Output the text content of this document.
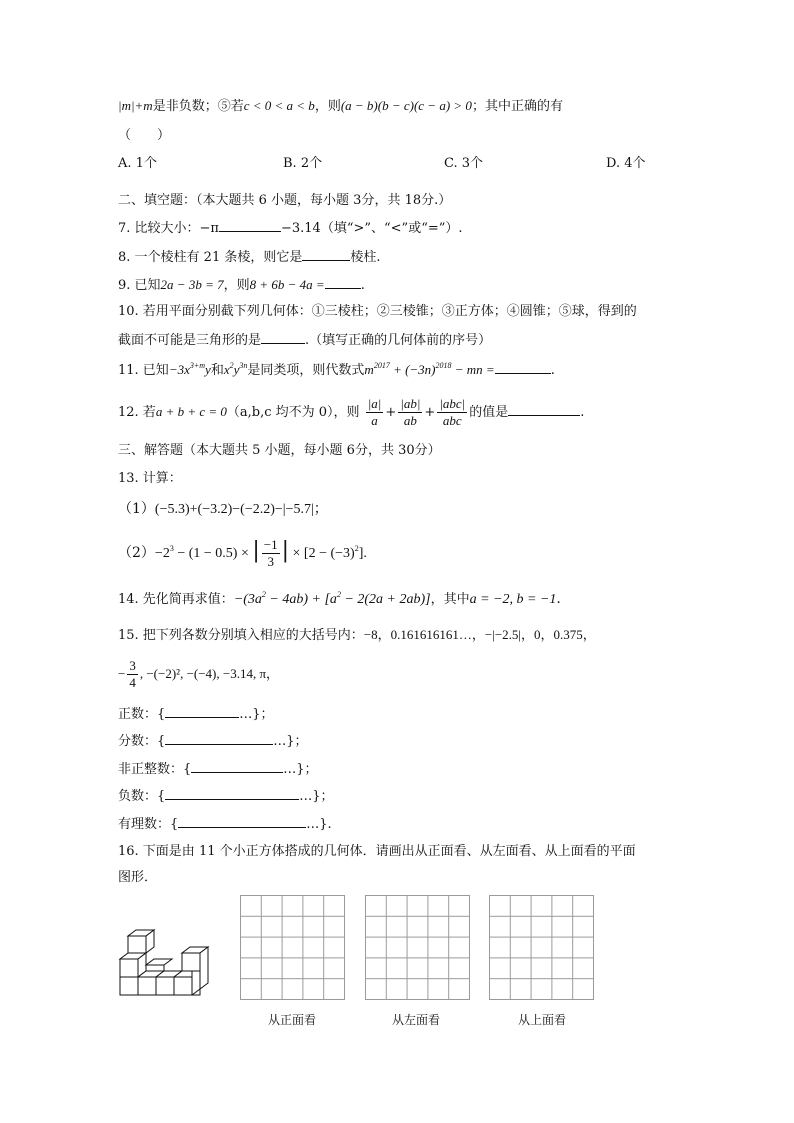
|m|+m是非负数；⑤若c < 0 < a < b，则(a − b)(b − c)(c − a) > 0；其中正确的有
（　　）
A. 1个	B. 2个	C. 3个	D. 4个
二、填空题：（本大题共 6 小题，每小题 3分，共 18分.）
7. 比较大小：−π	−3.14（填“>”、“<”或“=”）.
8. 一个棱柱有 21 条棱，则它是	棱柱.
9. 已知2a − 3b = 7，则8 + 6b − 4a =	.
10. 若用平面分别截下列几何体：①三棱柱；②三棱锥；③正方体；④圆锥；⑤球，得到的
截面不可能是三角形的是	.（填写正确的几何体前的序号）
11. 已知$-3x^{3+m}y$和$x^2y^{3n}$是同类项，则代数式$m^{2017} + (-3n)^{2018}$ − mn =	.
12. 若a + b + c = 0（a,b,c 均不为 0），则 $\frac{|a|}{a} + \frac{|ab|}{ab} + \frac{\text{|abc|}}{\text{abc}}$ 的值是	.
三、解答题（本大题共 5 小题，每小题 6分，共 30分）
13. 计算：
（1）(−5.3)+(−3.2)−(−2.2)−|−5.7|；
$(2)-2^3 - (1 - 0.5)$ × | $\frac{-1}{3}$ | × $[2 - (-3)^2]$.
14. 先化简再求值：$-(3a^2 - 4ab) + [a^2 - 2(2a + 2ab)]$，其中a = −2, b = −1.
15. 把下列各数分别填入相应的大括号内：−8，0.161616161…，−|−2.5|，0，0.375，
− $\frac{3}{4}$ , −(−2)², −(−4), −3.14, π，
正数：{	…}；
分数：{	…}；
非正整数：{	…}；
负数：{	…}；
有理数：{	…}.
16. 下面是由 11 个小正方体搭成的几何体．请画出从正面看、从左面看、从上面看的平面
图形．
从正面看	从左面看	从上面看
